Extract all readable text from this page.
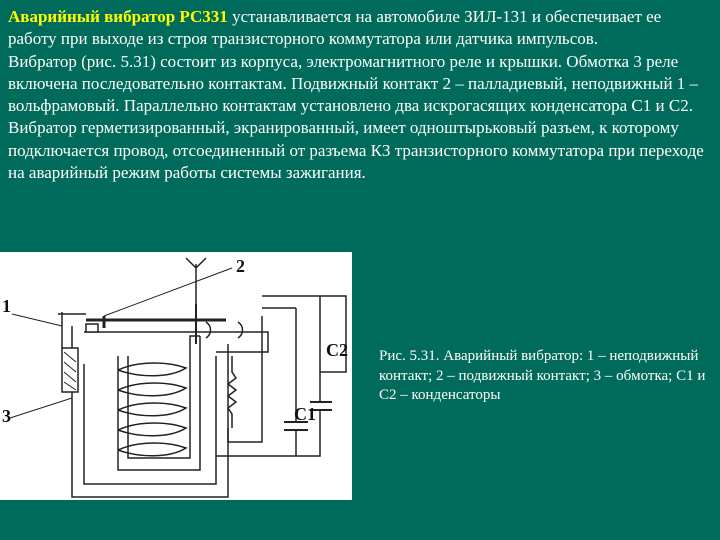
Аварийный вибратор РС331 устанавливается на автомобиле ЗИЛ-131 и обеспечивает ее работу при выходе из строя транзисторного коммутатора или датчика импульсов.

Вибратор (рис. 5.31) состоит из корпуса, электромагнитного реле и крышки. Обмотка 3 реле включена последовательно контактам. Подвижный контакт 2 – палладиевый, неподвижный 1 – вольфрамовый. Параллельно контактам установлено два искрогасящих конденсатора С1 и С2. Вибратор герметизированный, экранированный, имеет одноштырьковый разъем, к которому подключается провод, отсоединенный от разъема КЗ транзисторного коммутатора при переходе на аварийный режим работы системы зажигания.

2
1
3
С2
С1
Рис. 5.31. Аварийный вибратор: 1 – неподвижный контакт; 2 – подвижный контакт; 3 – обмотка; С1 и С2 – конденсаторы
